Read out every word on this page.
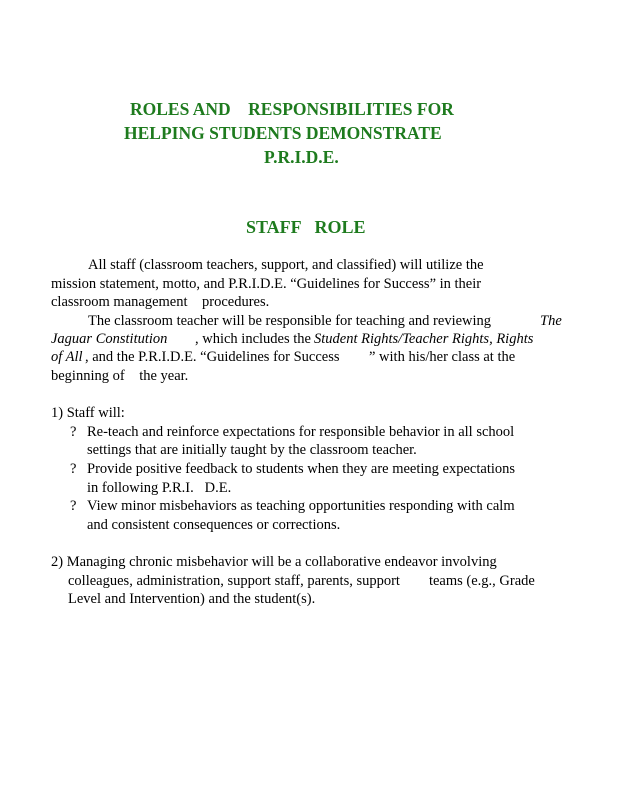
ROLES AND    RESPONSIBILITIES FOR
HELPING STUDENTS DEMONSTRATE
P.R.I.D.E.
STAFF   ROLE

All staff (classroom teachers, support, and classified) will utilize the

mission statement, motto, and P.R.I.D.E. “Guidelines for Success” in their

classroom management    procedures.

The classroom teacher will be responsible for teaching and reviewing	The
Jaguar Constitution , which includes the Student Rights/Teacher Rights, Rights
of All , and the P.R.I.D.E. “Guidelines for Success ” with his/her class at the
beginning of    the year.

1) Staff will:

? Re-teach and reinforce expectations for responsible behavior in all school
settings that are initially taught by the classroom teacher.
? Provide positive feedback to students when they are meeting expectations
in following P.R.I.   D.E.
? View minor misbehaviors as teaching opportunities responding with calm
and consistent consequences or corrections.

2) Managing chronic misbehavior will be a collaborative endeavor involving

colleagues, administration, support staff, parents, support        teams (e.g., Grade

Level and Intervention) and the student(s).
